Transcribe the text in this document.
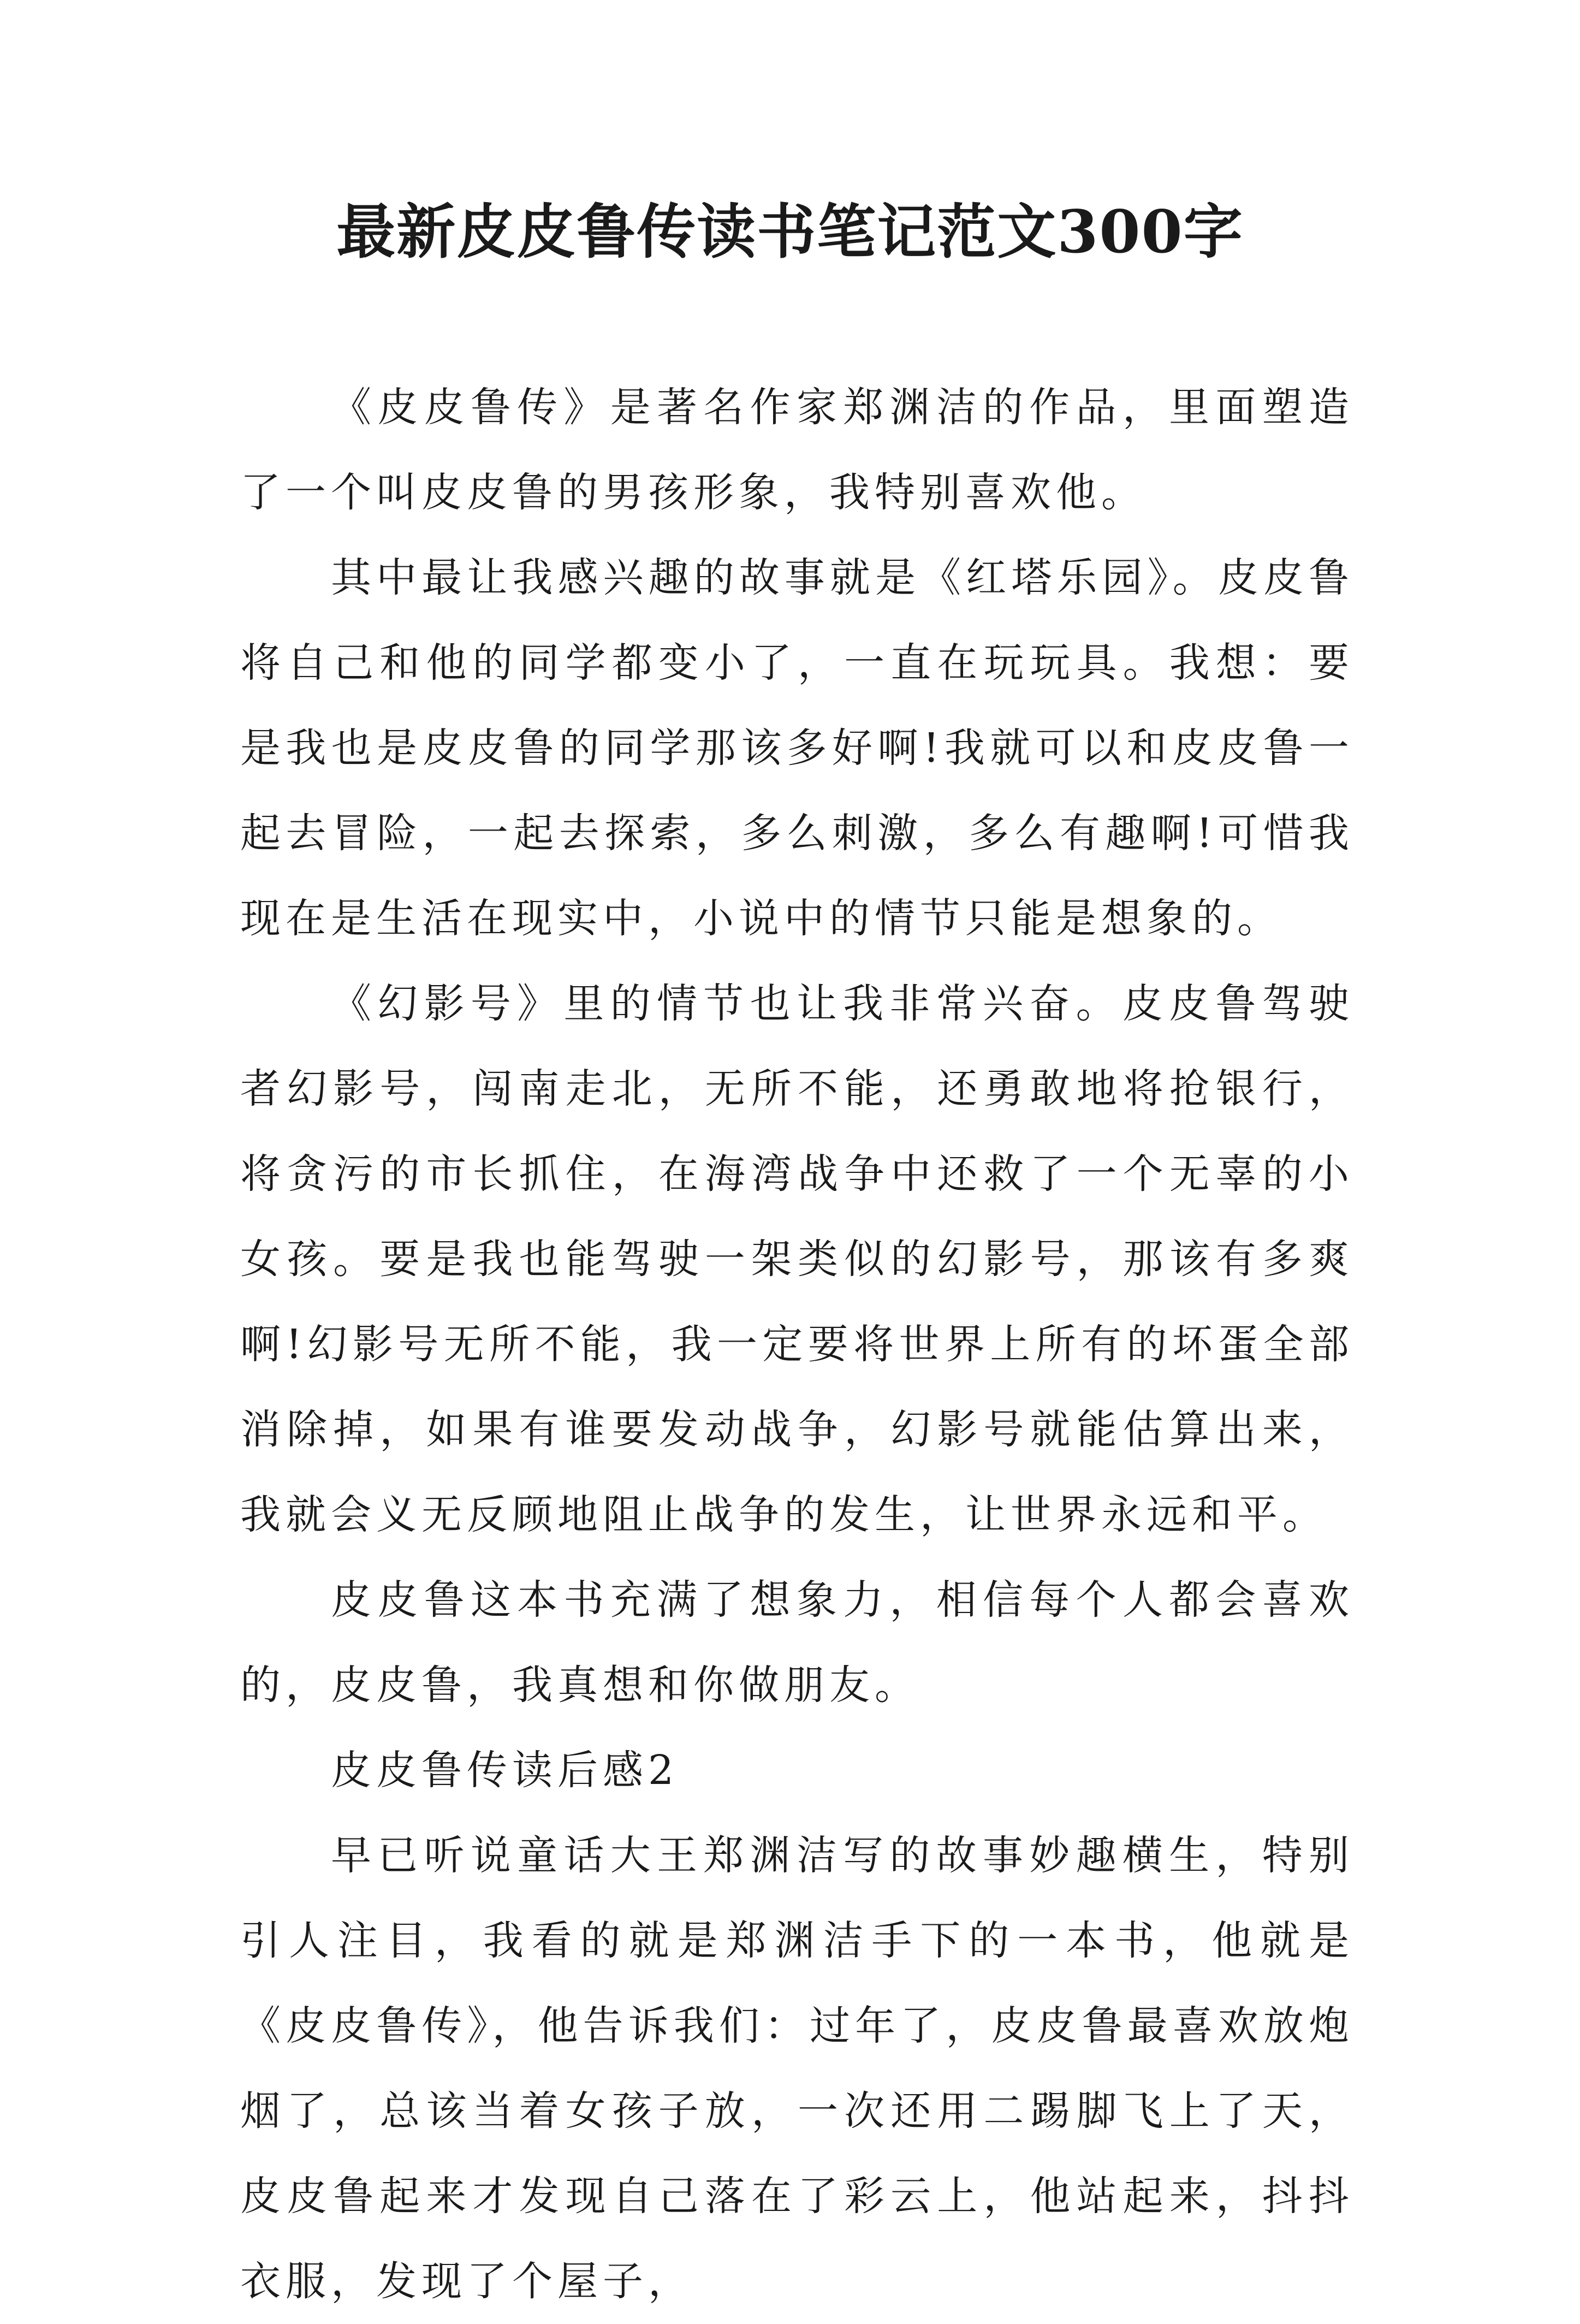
最新皮皮鲁传读书笔记范文300字

《皮皮鲁传》是著名作家郑渊洁的作品，里面塑造了一个叫皮皮鲁的男孩形象，我特别喜欢他。

其中最让我感兴趣的故事就是《红塔乐园》。皮皮鲁将自己和他的同学都变小了，一直在玩玩具。我想：要是我也是皮皮鲁的同学那该多好啊!我就可以和皮皮鲁一起去冒险，一起去探索，多么刺激，多么有趣啊!可惜我现在是生活在现实中，小说中的情节只能是想象的。

《幻影号》里的情节也让我非常兴奋。皮皮鲁驾驶者幻影号，闯南走北，无所不能，还勇敢地将抢银行，将贪污的市长抓住，在海湾战争中还救了一个无辜的小女孩。要是我也能驾驶一架类似的幻影号，那该有多爽啊!幻影号无所不能，我一定要将世界上所有的坏蛋全部消除掉，如果有谁要发动战争，幻影号就能估算出来，我就会义无反顾地阻止战争的发生，让世界永远和平。

皮皮鲁这本书充满了想象力，相信每个人都会喜欢的，皮皮鲁，我真想和你做朋友。

皮皮鲁传读后感2

早已听说童话大王郑渊洁写的故事妙趣横生，特别引人注目，我看的就是郑渊洁手下的一本书，他就是《皮皮鲁传》，他告诉我们：过年了，皮皮鲁最喜欢放炮烟了，总该当着女孩子放，一次还用二踢脚飞上了天，皮皮鲁起来才发现自己落在了彩云上，他站起来，抖抖衣服，发现了个屋子，
